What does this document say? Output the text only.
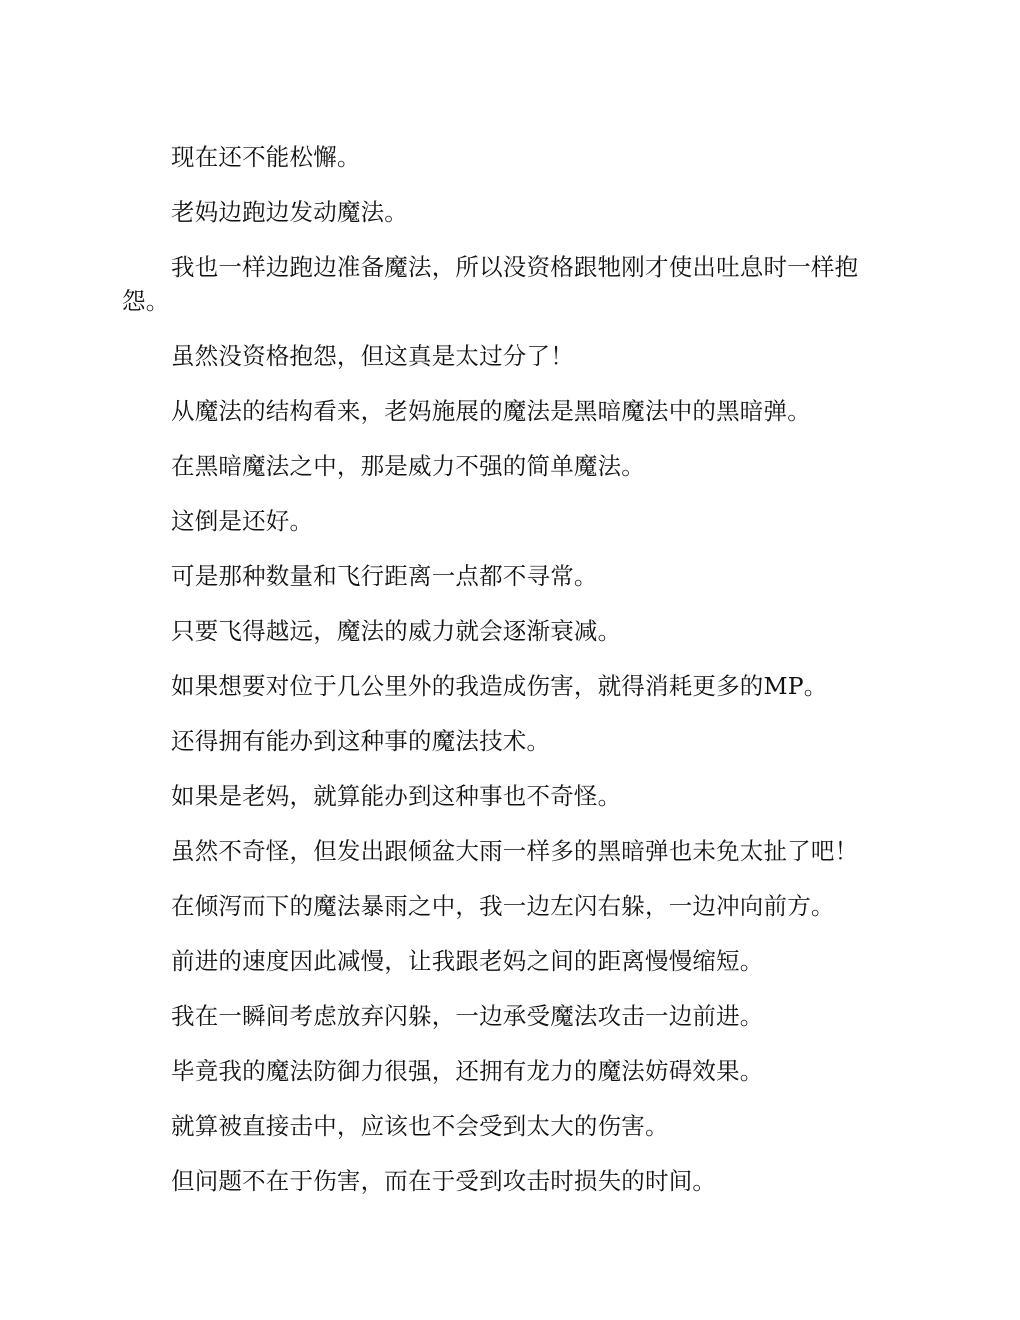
现在还不能松懈。

老妈边跑边发动魔法。

我也一样边跑边准备魔法，所以没资格跟牠刚才使出吐息时一样抱怨。

虽然没资格抱怨，但这真是太过分了！

从魔法的结构看来，老妈施展的魔法是黑暗魔法中的黑暗弹。

在黑暗魔法之中，那是威力不强的简单魔法。

这倒是还好。

可是那种数量和飞行距离一点都不寻常。

只要飞得越远，魔法的威力就会逐渐衰减。

如果想要对位于几公里外的我造成伤害，就得消耗更多的MP。

还得拥有能办到这种事的魔法技术。

如果是老妈，就算能办到这种事也不奇怪。

虽然不奇怪，但发出跟倾盆大雨一样多的黑暗弹也未免太扯了吧！

在倾泻而下的魔法暴雨之中，我一边左闪右躲，一边冲向前方。

前进的速度因此减慢，让我跟老妈之间的距离慢慢缩短。

我在一瞬间考虑放弃闪躲，一边承受魔法攻击一边前进。

毕竟我的魔法防御力很强，还拥有龙力的魔法妨碍效果。

就算被直接击中，应该也不会受到太大的伤害。

但问题不在于伤害，而在于受到攻击时损失的时间。
